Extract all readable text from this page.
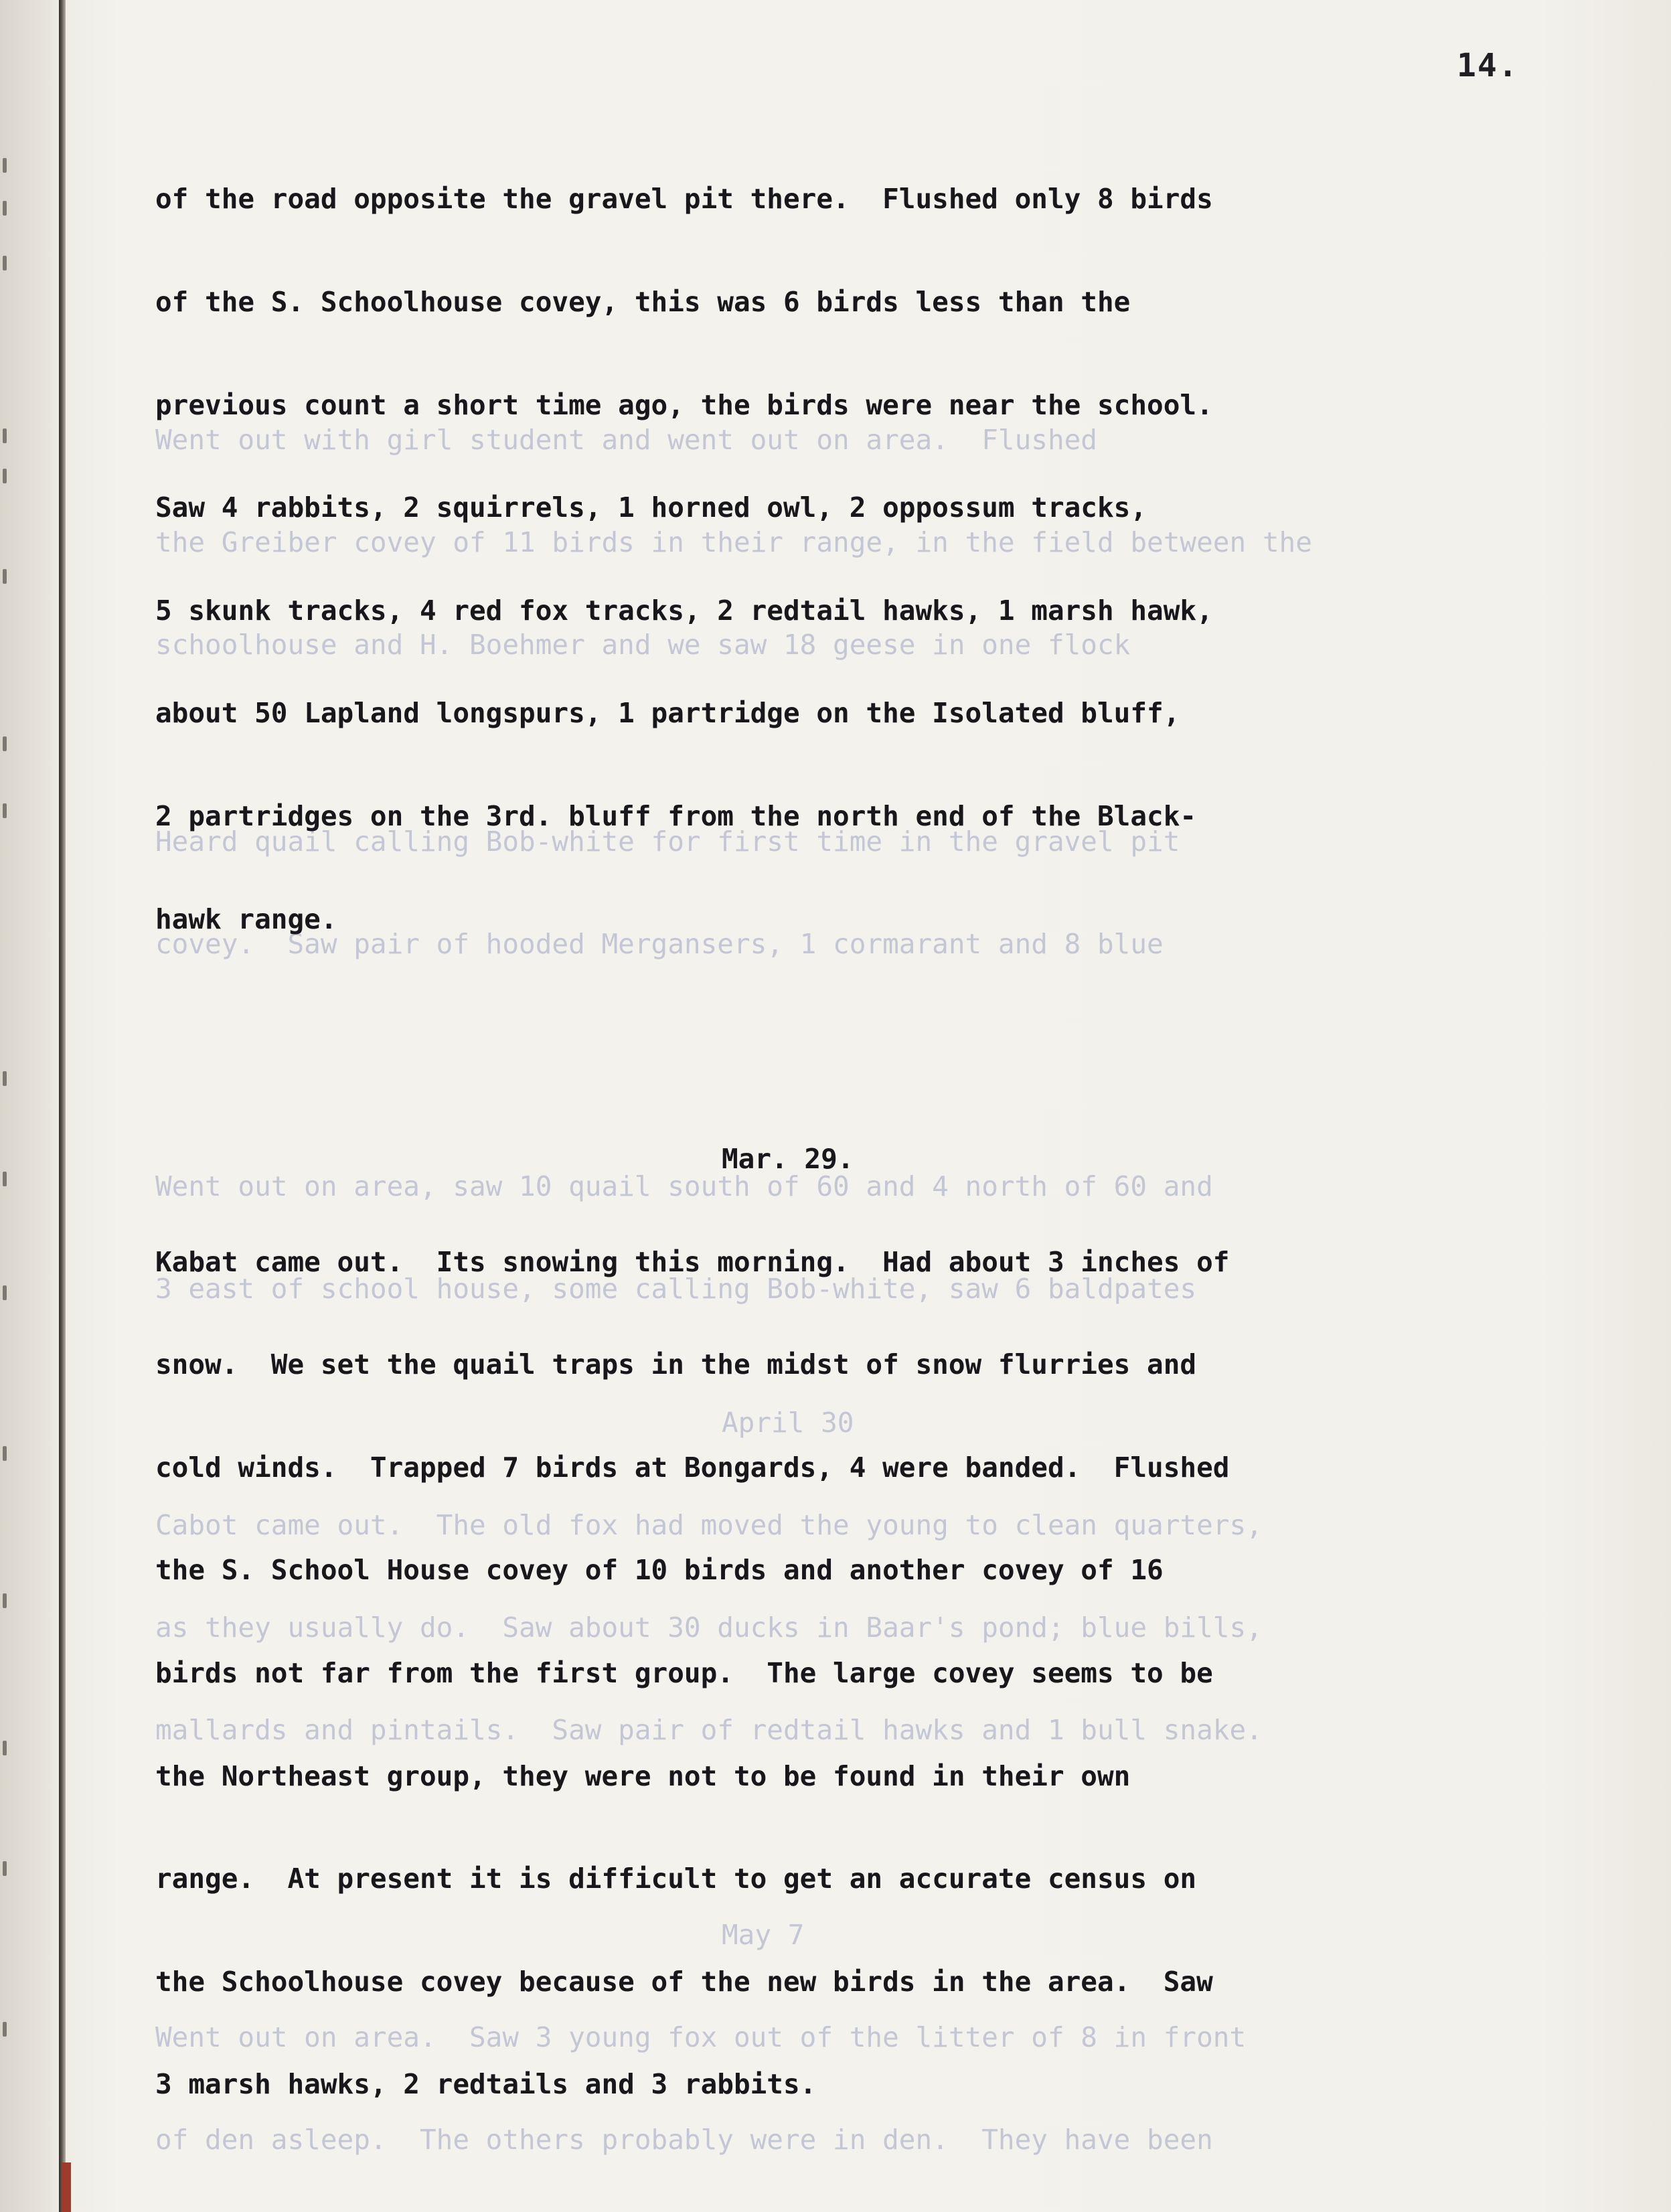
14.

Went out with girl student and went out on area.  Flushed

the Greiber covey of 11 birds in their range, in the field between the

schoolhouse and H. Boehmer and we saw 18 geese in one flock

Heard quail calling Bob-white for first time in the gravel pit

covey.  Saw pair of hooded Mergansers, 1 cormarant and 8 blue

Went out on area, saw 10 quail south of 60 and 4 north of 60 and

3 east of school house, some calling Bob-white, saw 6 baldpates

April 30

Cabot came out.  The old fox had moved the young to clean quarters,

as they usually do.  Saw about 30 ducks in Baar's pond; blue bills,

mallards and pintails.  Saw pair of redtail hawks and 1 bull snake.

May 7

Went out on area.  Saw 3 young fox out of the litter of 8 in front

of den asleep.  The others probably were in den.  They have been

of the road opposite the gravel pit there.  Flushed only 8 birds

of the S. Schoolhouse covey, this was 6 birds less than the

previous count a short time ago, the birds were near the school.

Saw 4 rabbits, 2 squirrels, 1 horned owl, 2 oppossum tracks,

5 skunk tracks, 4 red fox tracks, 2 redtail hawks, 1 marsh hawk,

about 50 Lapland longspurs, 1 partridge on the Isolated bluff,

2 partridges on the 3rd. bluff from the north end of the Black-

hawk range.

Mar. 29.

Kabat came out.  Its snowing this morning.  Had about 3 inches of

snow.  We set the quail traps in the midst of snow flurries and

cold winds.  Trapped 7 birds at Bongards, 4 were banded.  Flushed

the S. School House covey of 10 birds and another covey of 16

birds not far from the first group.  The large covey seems to be

the Northeast group, they were not to be found in their own

range.  At present it is difficult to get an accurate census on

the Schoolhouse covey because of the new birds in the area.  Saw

3 marsh hawks, 2 redtails and 3 rabbits.
